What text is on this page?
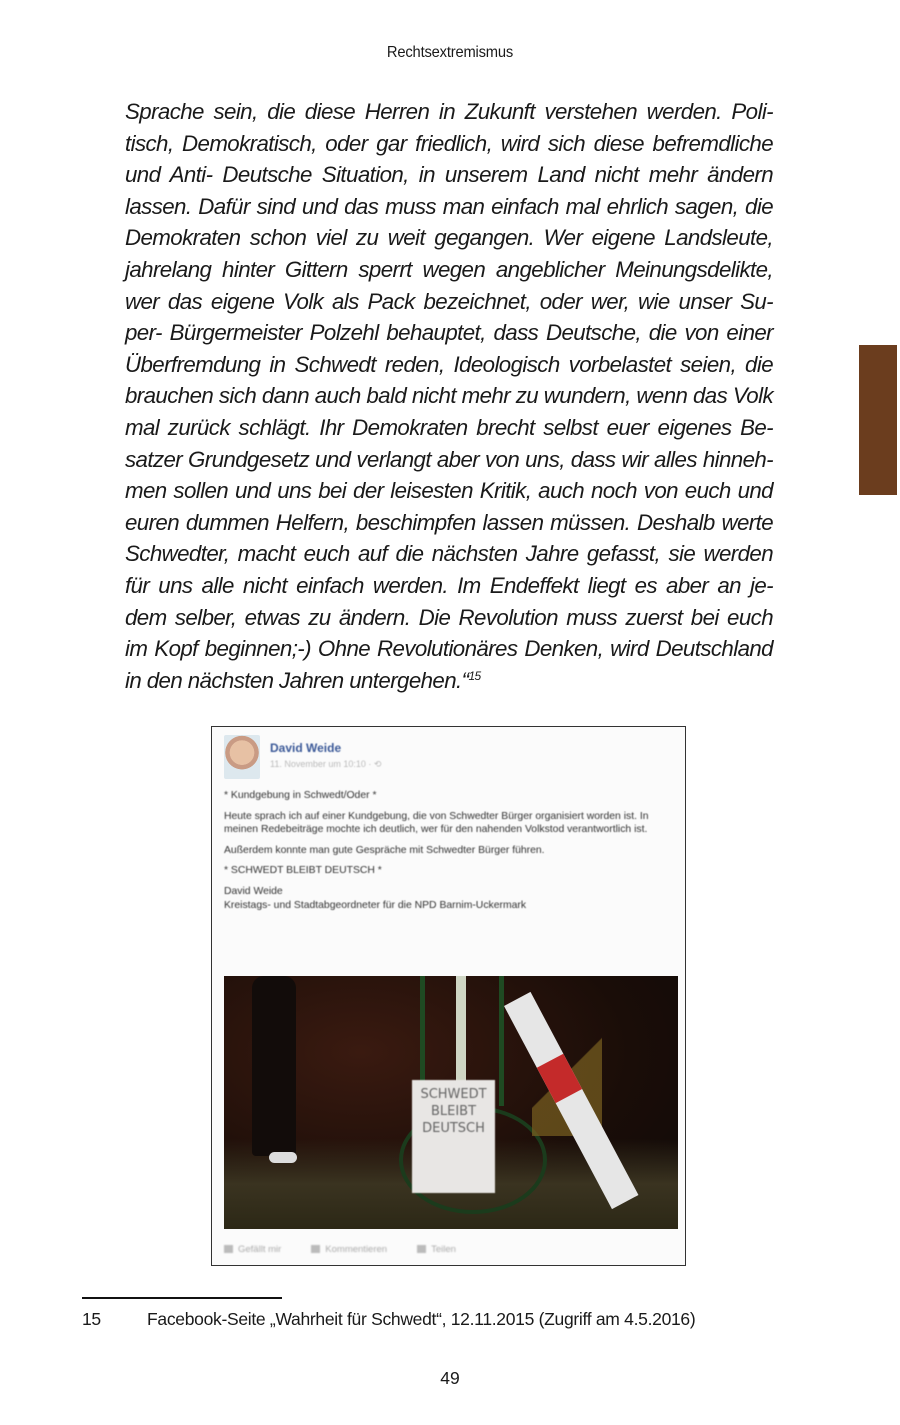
Rechtsextremismus
Sprache sein, die diese Herren in Zukunft verstehen werden. Poli-
tisch, Demokratisch, oder gar friedlich, wird sich diese befremdliche
und Anti- Deutsche Situation, in unserem Land nicht mehr ändern
lassen. Dafür sind und das muss man einfach mal ehrlich sagen, die
Demokraten schon viel zu weit gegangen. Wer eigene Landsleute,
jahrelang hinter Gittern sperrt wegen angeblicher Meinungsdelikte,
wer das eigene Volk als Pack bezeichnet, oder wer, wie unser Su-
per- Bürgermeister Polzehl behauptet, dass Deutsche, die von einer
Überfremdung in Schwedt reden, Ideologisch vorbelastet seien, die
brauchen sich dann auch bald nicht mehr zu wundern, wenn das Volk
mal zurück schlägt. Ihr Demokraten brecht selbst euer eigenes Be-
satzer Grundgesetz und verlangt aber von uns, dass wir alles hinneh-
men sollen und uns bei der leisesten Kritik, auch noch von euch und
euren dummen Helfern, beschimpfen lassen müssen. Deshalb werte
Schwedter, macht euch auf die nächsten Jahre gefasst, sie werden
für uns alle nicht einfach werden. Im Endeffekt liegt es aber an je-
dem selber, etwas zu ändern. Die Revolution muss zuerst bei euch
im Kopf beginnen;-) Ohne Revolutionäres Denken, wird Deutschland
in den nächsten Jahren untergehen.“$^{15}$
David Weide
11. November um 10:10 · ⟲

* Kundgebung in Schwedt/Oder *

Heute sprach ich auf einer Kundgebung, die von Schwedter Bürger organisiert worden ist. In meinen Redebeiträge mochte ich deutlich, wer für den nahenden Volkstod verantwortlich ist.

Außerdem konnte man gute Gespräche mit Schwedter Bürger führen.

* SCHWEDT BLEIBT DEUTSCH *

David Weide

Kreistags- und Stadtabgeordneter für die NPD Barnim-Uckermark

SCHWEDT BLEIBT DEUTSCH
Gefällt mir	Kommentieren	Teilen
15	Facebook-Seite „Wahrheit für Schwedt“, 12.11.2015 (Zugriff am 4.5.2016)
49
